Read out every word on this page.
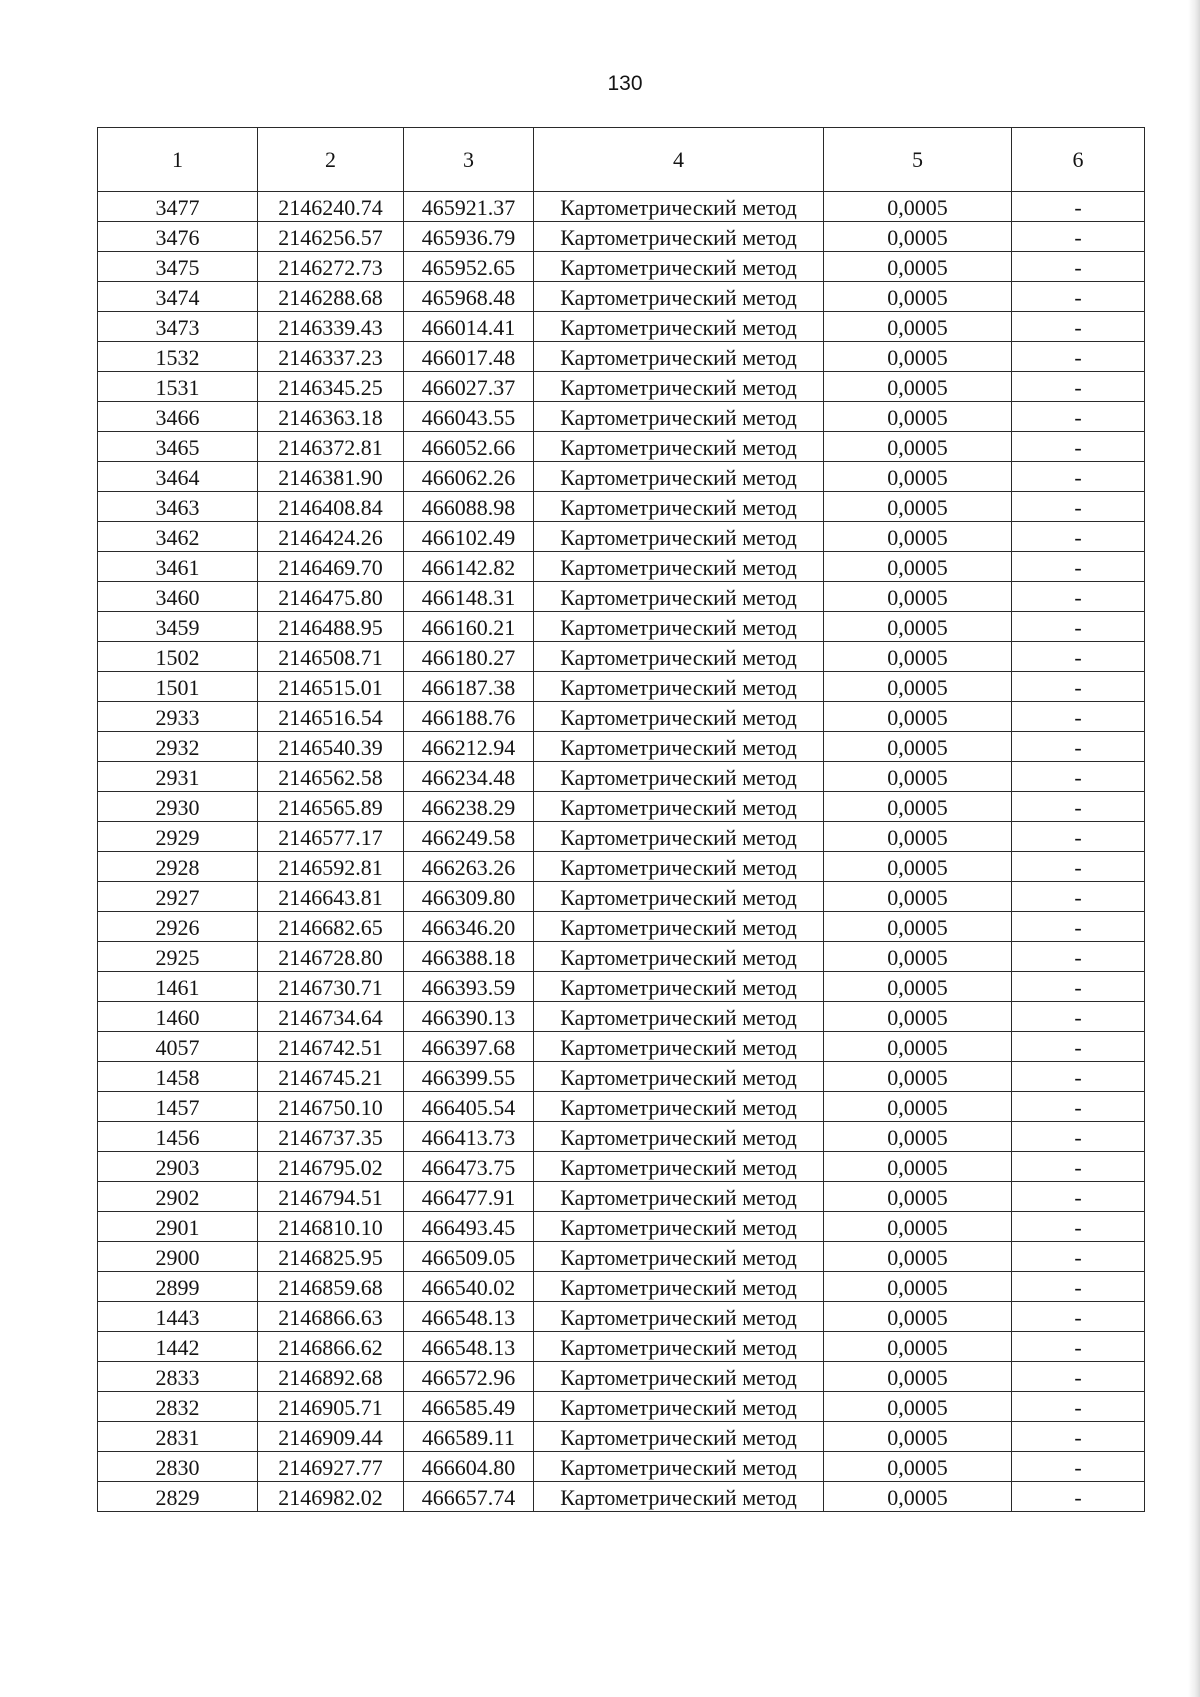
130
1	2	3	4	5	6
3477	2146240.74	465921.37	Картометрический метод	0,0005	-
3476	2146256.57	465936.79	Картометрический метод	0,0005	-
3475	2146272.73	465952.65	Картометрический метод	0,0005	-
3474	2146288.68	465968.48	Картометрический метод	0,0005	-
3473	2146339.43	466014.41	Картометрический метод	0,0005	-
1532	2146337.23	466017.48	Картометрический метод	0,0005	-
1531	2146345.25	466027.37	Картометрический метод	0,0005	-
3466	2146363.18	466043.55	Картометрический метод	0,0005	-
3465	2146372.81	466052.66	Картометрический метод	0,0005	-
3464	2146381.90	466062.26	Картометрический метод	0,0005	-
3463	2146408.84	466088.98	Картометрический метод	0,0005	-
3462	2146424.26	466102.49	Картометрический метод	0,0005	-
3461	2146469.70	466142.82	Картометрический метод	0,0005	-
3460	2146475.80	466148.31	Картометрический метод	0,0005	-
3459	2146488.95	466160.21	Картометрический метод	0,0005	-
1502	2146508.71	466180.27	Картометрический метод	0,0005	-
1501	2146515.01	466187.38	Картометрический метод	0,0005	-
2933	2146516.54	466188.76	Картометрический метод	0,0005	-
2932	2146540.39	466212.94	Картометрический метод	0,0005	-
2931	2146562.58	466234.48	Картометрический метод	0,0005	-
2930	2146565.89	466238.29	Картометрический метод	0,0005	-
2929	2146577.17	466249.58	Картометрический метод	0,0005	-
2928	2146592.81	466263.26	Картометрический метод	0,0005	-
2927	2146643.81	466309.80	Картометрический метод	0,0005	-
2926	2146682.65	466346.20	Картометрический метод	0,0005	-
2925	2146728.80	466388.18	Картометрический метод	0,0005	-
1461	2146730.71	466393.59	Картометрический метод	0,0005	-
1460	2146734.64	466390.13	Картометрический метод	0,0005	-
4057	2146742.51	466397.68	Картометрический метод	0,0005	-
1458	2146745.21	466399.55	Картометрический метод	0,0005	-
1457	2146750.10	466405.54	Картометрический метод	0,0005	-
1456	2146737.35	466413.73	Картометрический метод	0,0005	-
2903	2146795.02	466473.75	Картометрический метод	0,0005	-
2902	2146794.51	466477.91	Картометрический метод	0,0005	-
2901	2146810.10	466493.45	Картометрический метод	0,0005	-
2900	2146825.95	466509.05	Картометрический метод	0,0005	-
2899	2146859.68	466540.02	Картометрический метод	0,0005	-
1443	2146866.63	466548.13	Картометрический метод	0,0005	-
1442	2146866.62	466548.13	Картометрический метод	0,0005	-
2833	2146892.68	466572.96	Картометрический метод	0,0005	-
2832	2146905.71	466585.49	Картометрический метод	0,0005	-
2831	2146909.44	466589.11	Картометрический метод	0,0005	-
2830	2146927.77	466604.80	Картометрический метод	0,0005	-
2829	2146982.02	466657.74	Картометрический метод	0,0005	-
